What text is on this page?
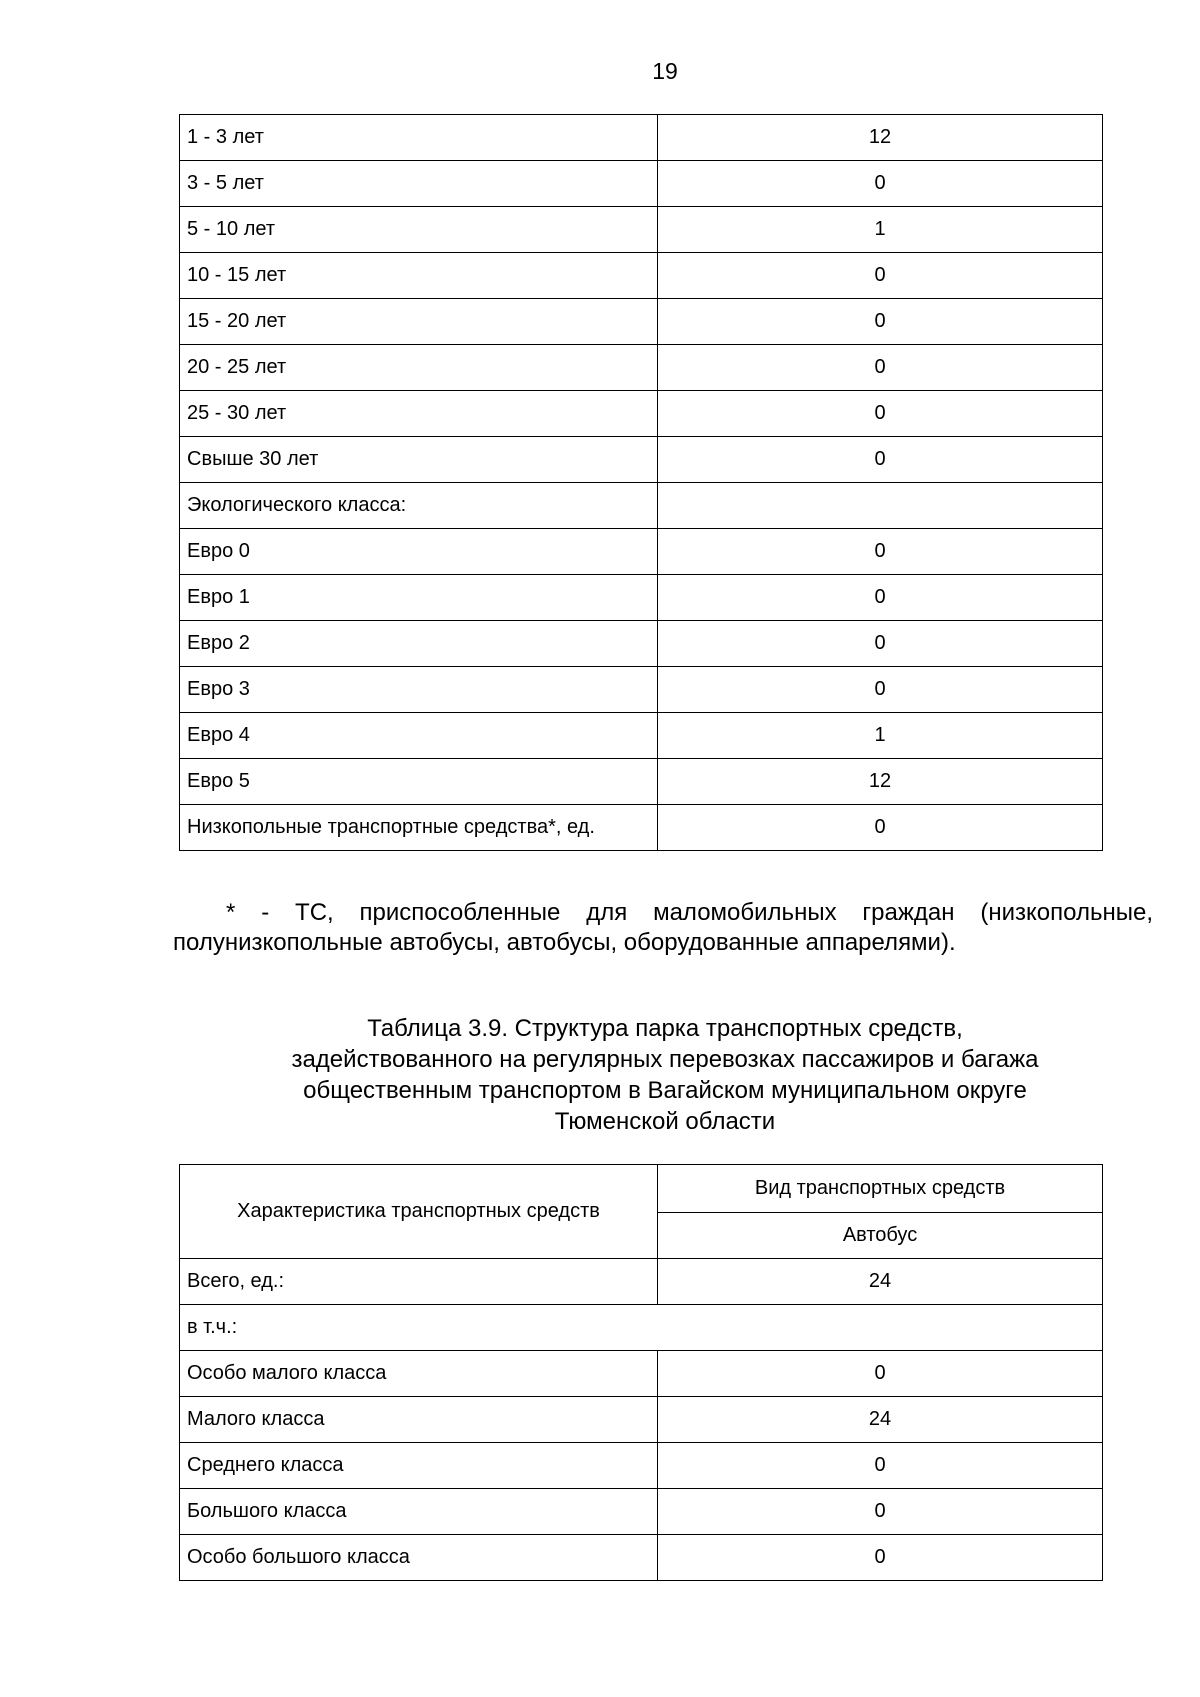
19
1 - 3 лет	12
3 - 5 лет	0
5 - 10 лет	1
10 - 15 лет	0
15 - 20 лет	0
20 - 25 лет	0
25 - 30 лет	0
Свыше 30 лет	0
Экологического класса:	
Евро 0	0
Евро 1	0
Евро 2	0
Евро 3	0
Евро 4	1
Евро 5	12
Низкопольные транспортные средства*, ед.	0
* - ТС, приспособленные для маломобильных граждан (низкопольные, полунизкопольные автобусы, автобусы, оборудованные аппарелями).
Таблица 3.9. Структура парка транспортных средств,
задействованного на регулярных перевозках пассажиров и багажа
общественным транспортом в Вагайском муниципальном округе
Тюменской области
Характеристика транспортных средств	Вид транспортных средств
	Автобус
Всего, ед.:	24
в т.ч.:	
Особо малого класса	0
Малого класса	24
Среднего класса	0
Большого класса	0
Особо большого класса	0
